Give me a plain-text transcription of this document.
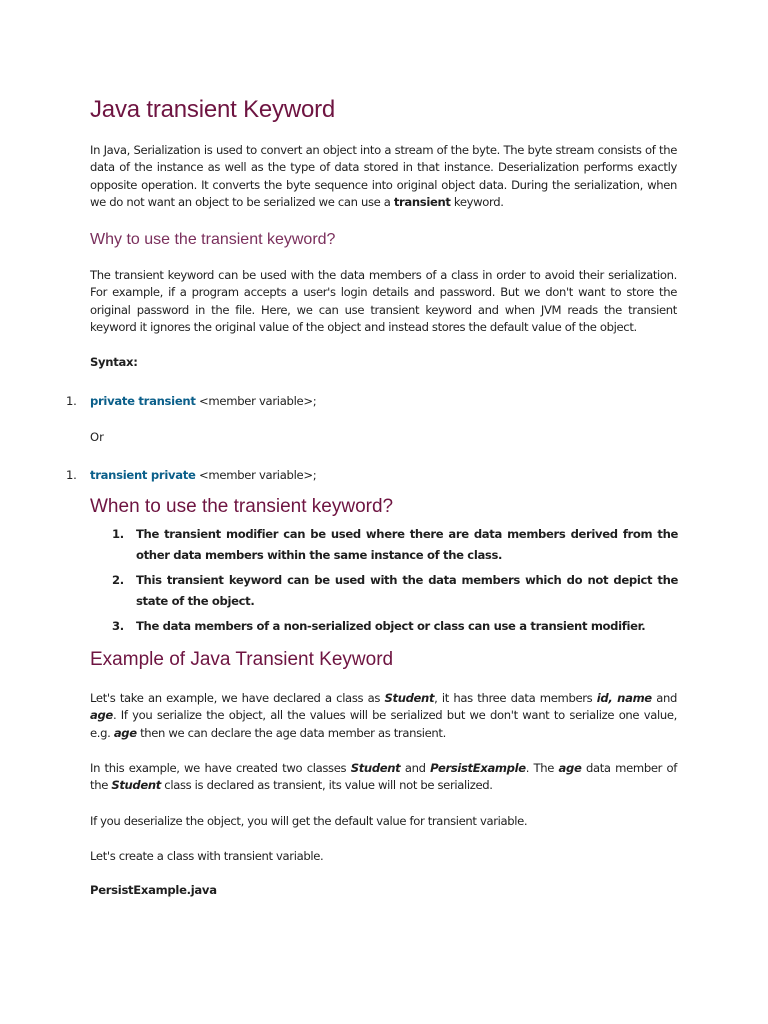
Java transient Keyword

In Java, Serialization is used to convert an object into a stream of the byte. The byte stream consists of the data of the instance as well as the type of data stored in that instance. Deserialization performs exactly opposite operation. It converts the byte sequence into original object data. During the serialization, when we do not want an object to be serialized we can use a transient keyword.

Why to use the transient keyword?

The transient keyword can be used with the data members of a class in order to avoid their serialization. For example, if a program accepts a user's login details and password. But we don't want to store the original password in the file. Here, we can use transient keyword and when JVM reads the transient keyword it ignores the original value of the object and instead stores the default value of the object.

Syntax:

1. private transient <member variable>;

Or

1. transient private <member variable>;

When to use the transient keyword?
1. The transient modifier can be used where there are data members derived from the other data members within the same instance of the class.
2. This transient keyword can be used with the data members which do not depict the state of the object.
3. The data members of a non-serialized object or class can use a transient modifier.
Example of Java Transient Keyword

Let's take an example, we have declared a class as Student, it has three data members id, name and age. If you serialize the object, all the values will be serialized but we don't want to serialize one value, e.g. age then we can declare the age data member as transient.

In this example, we have created two classes Student and PersistExample. The age data member of the Student class is declared as transient, its value will not be serialized.

If you deserialize the object, you will get the default value for transient variable.

Let's create a class with transient variable.

PersistExample.java
